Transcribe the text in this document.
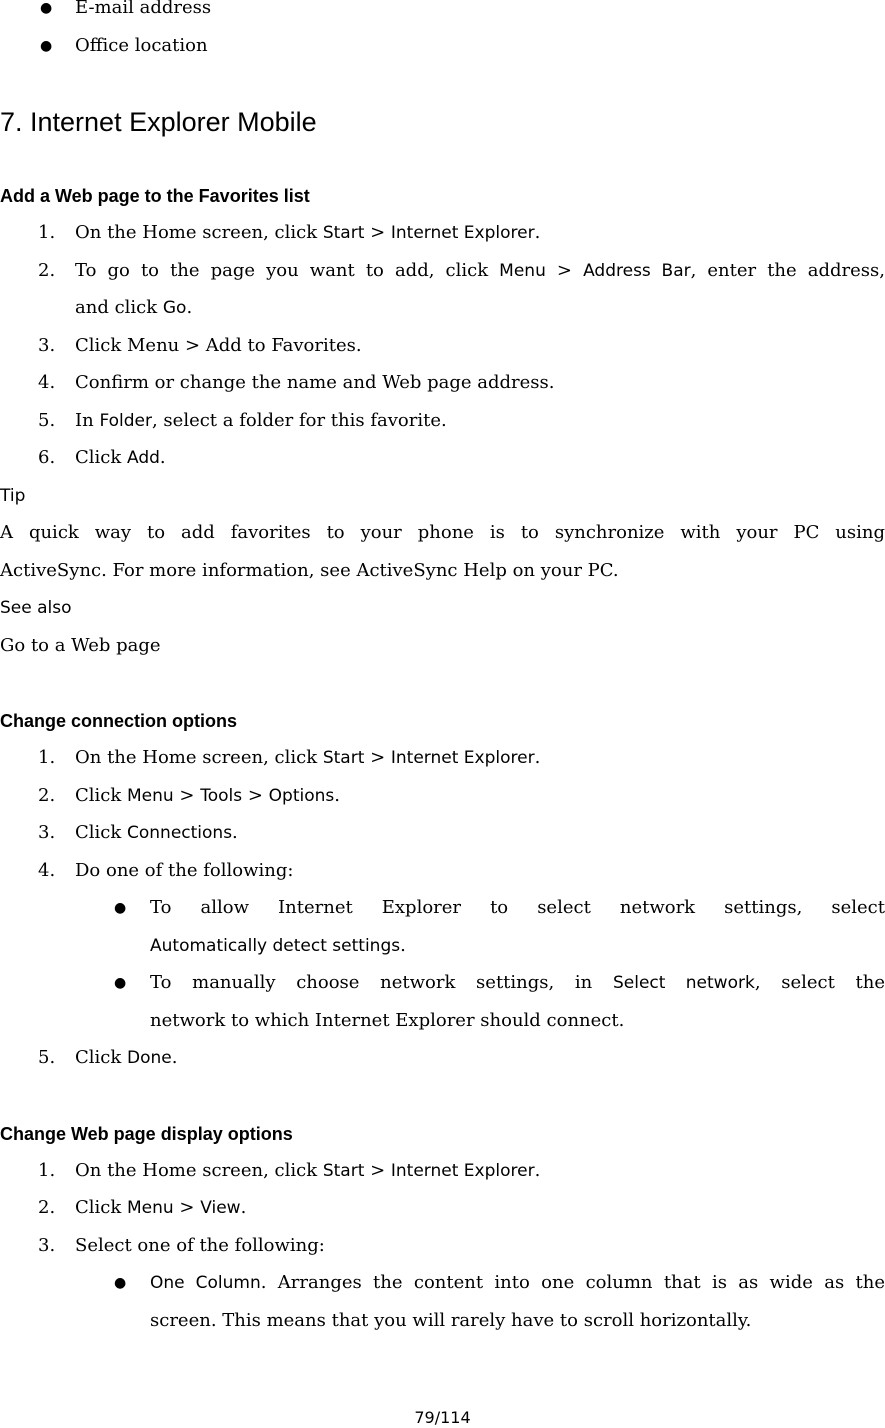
● E-mail address
● Office location
7. Internet Explorer Mobile
Add a Web page to the Favorites list
1. On the Home screen, click Start > Internet Explorer.
2. To go to the page you want to add, click Menu > Address Bar, enter the address,
and click Go.
3. Click Menu > Add to Favorites.
4. Confirm or change the name and Web page address.
5. In Folder, select a folder for this favorite.
6. Click Add.
Tip
A quick way to add favorites to your phone is to synchronize with your PC using
ActiveSync. For more information, see ActiveSync Help on your PC.
See also
Go to a Web page
Change connection options
1. On the Home screen, click Start > Internet Explorer.
2. Click Menu > Tools > Options.
3. Click Connections.
4. Do one of the following:
● To allow Internet Explorer to select network settings, select
Automatically detect settings.
● To manually choose network settings, in Select network, select the
network to which Internet Explorer should connect.
5. Click Done.
Change Web page display options
1. On the Home screen, click Start > Internet Explorer.
2. Click Menu > View.
3. Select one of the following:
● One Column. Arranges the content into one column that is as wide as the
screen. This means that you will rarely have to scroll horizontally.
79/114
